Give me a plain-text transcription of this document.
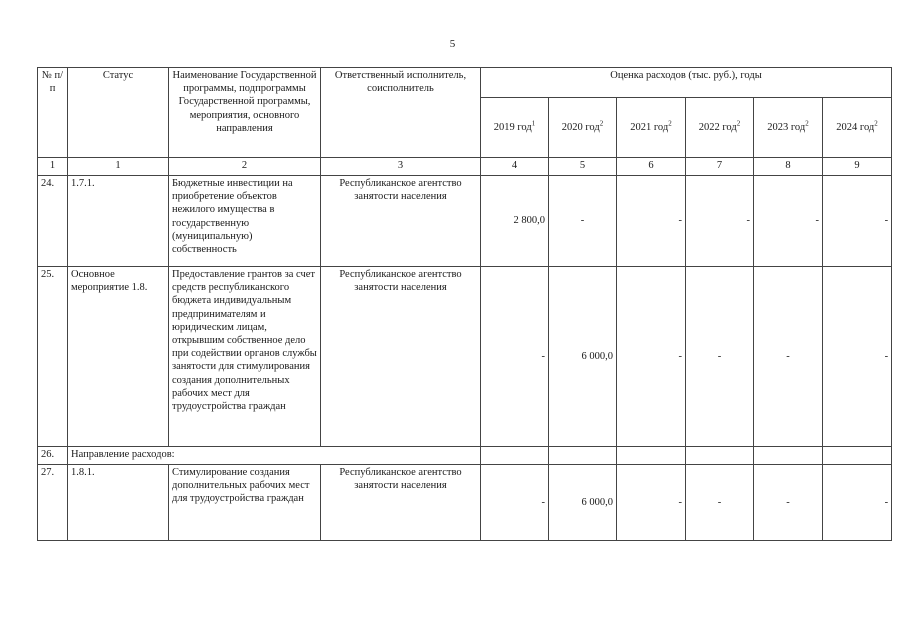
5
№ п/п	Статус	Наименование Государственной программы, подпрограммы Государственной программы, мероприятия, основного направления	Ответственный исполнитель, соисполнитель	Оценка расходов (тыс. руб.), годы					
				2019 год$^1$	2020 год$^2$	2021 год$^2$	2022 год$^2$	2023 год$^2$	2024 год$^2$
1	1	2	3	4	5	6	7	8	9
24.	1.7.1.	Бюджетные инвестиции на приобретение объектов нежилого имущества в государственную (муниципальную) собственность	Республиканское агентство занятости населения	2 800,0	-	-	-	-	-
25.	Основное мероприятие 1.8.	Предоставление грантов за счет средств республиканского бюджета индивидуальным предпринимателям и юридическим лицам, открывшим собственное дело при содействии органов службы занятости для стимулирования создания дополнительных рабочих мест для трудоустройства граждан	Республиканское агентство занятости населения	-	6 000,0	-	-	-	-
26.	Направление расходов:								
27.	1.8.1.	Стимулирование создания дополнительных рабочих мест для трудоустройства граждан	Республиканское агентство занятости населения	-	6 000,0	-	-	-	-
